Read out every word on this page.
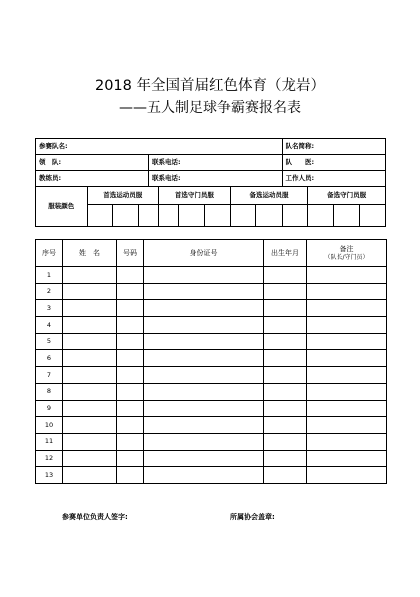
2018 年全国首届红色体育（龙岩）
——五人制足球争霸赛报名表
参赛队名:										队名简称:			
领　队:				联系电话:						队　　医:			
教练员:				联系电话:						工作人员:			
服装颜色	首选运动员服				首选守门员服			备选运动员服			备选守门员服		

序号	姓　名	号码	身份证号	出生年月	备注
（队长/守门员）

1					
2					
3					
4					
5					
6					
7					
8					
9					
10					
11					
12					
13					
参赛单位负责人签字:	所属协会盖章:
